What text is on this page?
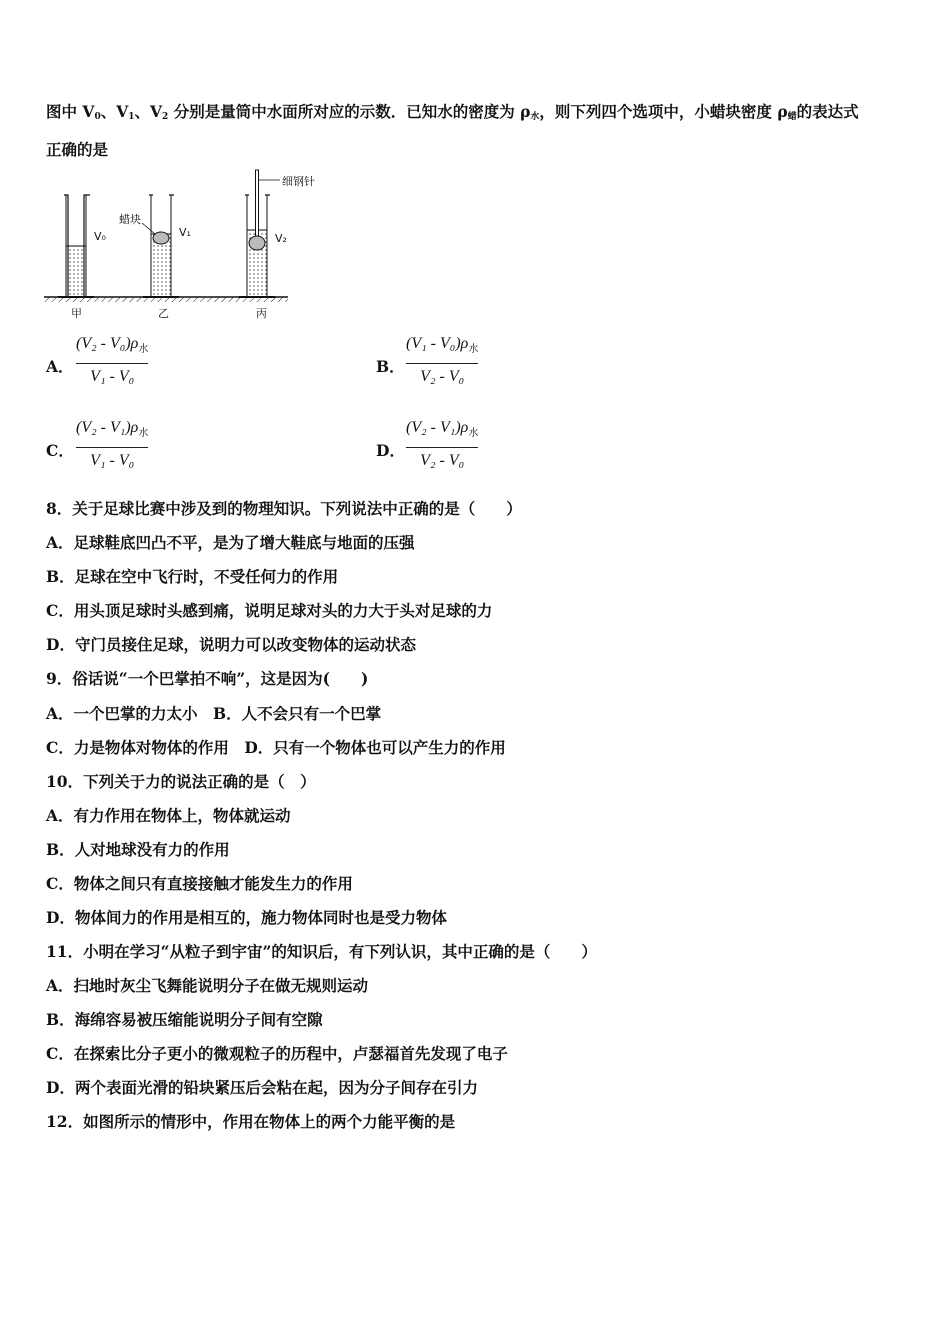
图中 $V_0$、$V_1$、$V_2$ 分别是量筒中水面所对应的示数．已知水的密度为 $\rho_水$，则下列四个选项中，小蜡块密度 $\rho_蜡$的表达式
正确的是
V₀
蜡块
V₁
细钢针
V₂
甲	乙	丙
A．
$(V_2 - V_0)\rho_水$
V₁ - V₀
B．
$(V_1 - V_0)\rho_水$
V₂ - V₀
C．
$(V_2 - V_1)\rho_水$
V₁ - V₀
D．
$(V_2 - V_1)\rho_水$
V₂ - V₀
8．关于足球比赛中涉及到的物理知识。下列说法中正确的是（　　）
A．足球鞋底凹凸不平，是为了增大鞋底与地面的压强
B．足球在空中飞行时，不受任何力的作用
C．用头顶足球时头感到痛，说明足球对头的力大于头对足球的力
D．守门员接住足球，说明力可以改变物体的运动状态
9．俗话说“一个巴掌拍不响”，这是因为(　　)
A．一个巴掌的力太小　B．人不会只有一个巴掌
C．力是物体对物体的作用　D．只有一个物体也可以产生力的作用
10．下列关于力的说法正确的是（　）
A．有力作用在物体上，物体就运动
B．人对地球没有力的作用
C．物体之间只有直接接触才能发生力的作用
D．物体间力的作用是相互的，施力物体同时也是受力物体
11．小明在学习“从粒子到宇宙”的知识后，有下列认识，其中正确的是（　　）
A．扫地时灰尘飞舞能说明分子在做无规则运动
B．海绵容易被压缩能说明分子间有空隙
C．在探索比分子更小的微观粒子的历程中，卢瑟福首先发现了电子
D．两个表面光滑的铅块紧压后会粘在起，因为分子间存在引力
12．如图所示的情形中，作用在物体上的两个力能平衡的是
